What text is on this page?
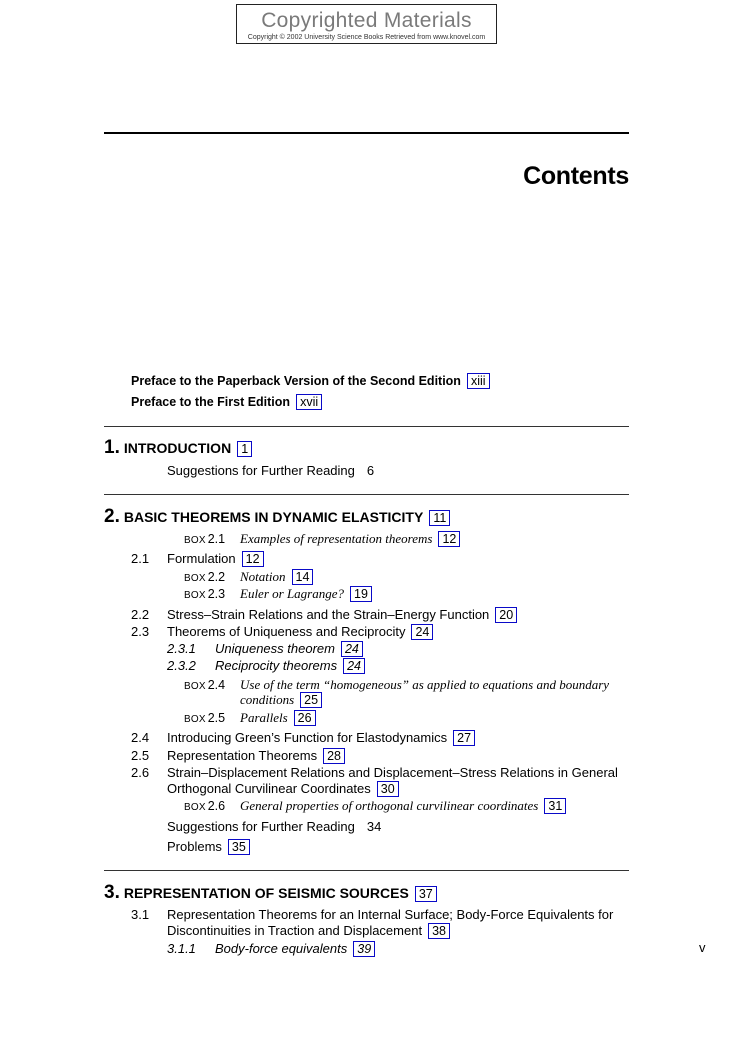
Copyrighted Materials
Copyright © 2002 University Science Books Retrieved from www.knovel.com
Contents
Preface to the Paperback Version of the Second Edition xiii
Preface to the First Edition xvii
1. INTRODUCTION 1
Suggestions for Further Reading 6
2. BASIC THEOREMS IN DYNAMIC ELASTICITY 11
BOX 2.1 Examples of representation theorems 12
2.1 Formulation 12
BOX 2.2 Notation 14
BOX 2.3 Euler or Lagrange? 19
2.2 Stress–Strain Relations and the Strain–Energy Function 20
2.3 Theorems of Uniqueness and Reciprocity 24
2.3.1 Uniqueness theorem 24
2.3.2 Reciprocity theorems 24
BOX 2.4 Use of the term “homogeneous” as applied to equations and boundary
conditions 25
BOX 2.5 Parallels 26
2.4 Introducing Green’s Function for Elastodynamics 27
2.5 Representation Theorems 28
2.6 Strain–Displacement Relations and Displacement–Stress Relations in General
Orthogonal Curvilinear Coordinates 30
BOX 2.6 General properties of orthogonal curvilinear coordinates 31
Suggestions for Further Reading 34
Problems 35
3. REPRESENTATION OF SEISMIC SOURCES 37
3.1 Representation Theorems for an Internal Surface; Body-Force Equivalents for
Discontinuities in Traction and Displacement 38
3.1.1 Body-force equivalents 39	v
